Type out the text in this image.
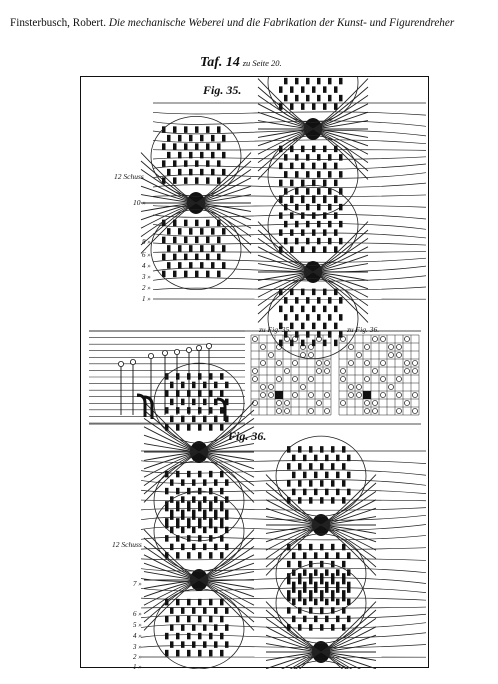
Finsterbusch, Robert. Die mechanische Weberei und die Fabrikation der Kunst- und Figurendreher
Taf. 14 zu Seite 20.
Fig. 35.
12 Schuss
10 »
8 »
6 »
4 »
3 »
2 »
1 »
zu Fig. 35.	zu Fig. 36.
Fig. 36.
12 Schuss
7 »
6 »
5 »
4 »
3 »
2 »
1 »
